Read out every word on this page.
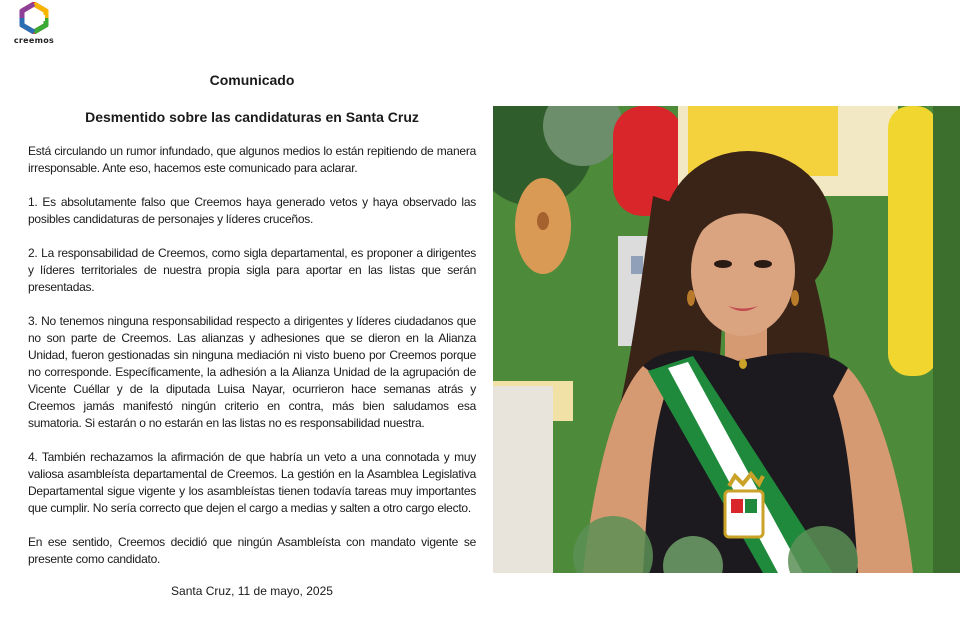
creemos
Comunicado
Desmentido sobre las candidaturas en Santa Cruz

Está circulando un rumor infundado, que algunos medios lo están repitiendo de manera irresponsable. Ante eso, hacemos este comunicado para aclarar.

1. Es absolutamente falso que Creemos haya generado vetos y haya observado las posibles candidaturas de personajes y líderes cruceños.

2. La responsabilidad de Creemos, como sigla departamental, es proponer a dirigentes y líderes territoriales de nuestra propia sigla para aportar en las listas que serán presentadas.

3. No tenemos ninguna responsabilidad respecto a dirigentes y líderes ciudadanos que no son parte de Creemos. Las alianzas y adhesiones que se dieron en la Alianza Unidad, fueron gestionadas sin ninguna mediación ni visto bueno por Creemos porque no corresponde. Específicamente, la adhesión a la Alianza Unidad de la agrupación de Vicente Cuéllar y de la diputada Luisa Nayar, ocurrieron hace semanas atrás y Creemos jamás manifestó ningún criterio en contra, más bien saludamos esa sumatoria. Si estarán o no estarán en las listas no es responsabilidad nuestra.

4. También rechazamos la afirmación de que habría un veto a una connotada y muy valiosa asambleísta departamental de Creemos. La gestión en la Asamblea Legislativa Departamental sigue vigente y los asambleístas tienen todavía tareas muy importantes que cumplir. No sería correcto que dejen el cargo a medias y salten a otro cargo electo.

En ese sentido, Creemos decidió que ningún Asambleísta con mandato vigente se presente como candidato.

Santa Cruz, 11 de mayo, 2025
